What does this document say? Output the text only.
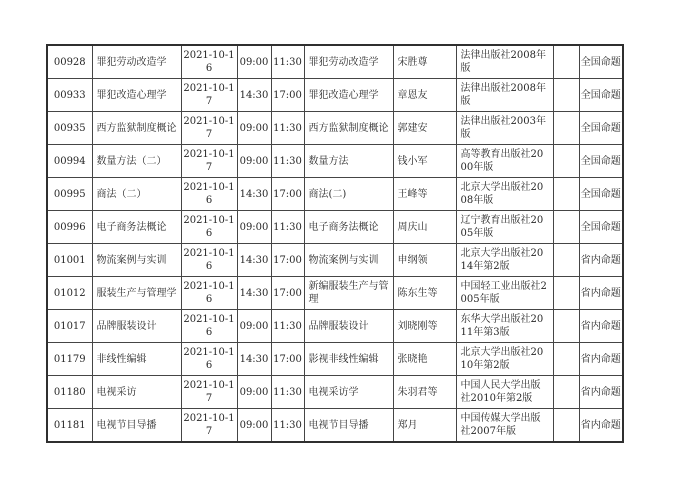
00928	罪犯劳动改造学	2021-10-16	09:00	11:30	罪犯劳动改造学	宋胜尊	法律出版社2008年版		全国命题
00933	罪犯改造心理学	2021-10-17	14:30	17:00	罪犯改造心理学	章恩友	法律出版社2008年版		全国命题
00935	西方监狱制度概论	2021-10-17	09:00	11:30	西方监狱制度概论	郭建安	法律出版社2003年版		全国命题
00994	数量方法（二）	2021-10-17	09:00	11:30	数量方法	钱小军	高等教育出版社2000年版		全国命题
00995	商法（二）	2021-10-16	14:30	17:00	商法(二)	王峰等	北京大学出版社2008年版		全国命题
00996	电子商务法概论	2021-10-16	09:00	11:30	电子商务法概论	周庆山	辽宁教育出版社2005年版		全国命题
01001	物流案例与实训	2021-10-16	14:30	17:00	物流案例与实训	申纲领	北京大学出版社2014年第2版		省内命题
01012	服装生产与管理学	2021-10-16	14:30	17:00	新编服装生产与管理	陈东生等	中国轻工业出版社2005年版		省内命题
01017	品牌服装设计	2021-10-16	09:00	11:30	品牌服装设计	刘晓刚等	东华大学出版社2011年第3版		省内命题
01179	非线性编辑	2021-10-16	14:30	17:00	影视非线性编辑	张晓艳	北京大学出版社2010年第2版		省内命题
01180	电视采访	2021-10-17	09:00	11:30	电视采访学	朱羽君等	中国人民大学出版社2010年第2版		省内命题
01181	电视节目导播	2021-10-17	09:00	11:30	电视节目导播	郑月	中国传媒大学出版社2007年版		省内命题
